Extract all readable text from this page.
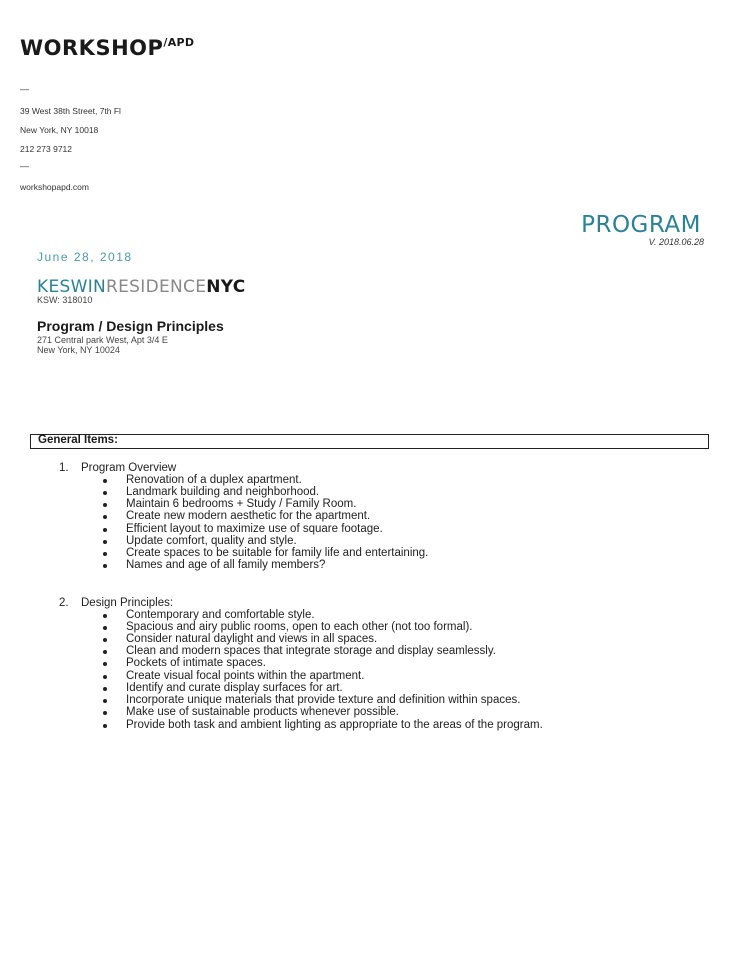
$WORKSHOP^{/APD}$
—
39 West 38th Street, 7th Fl
New York, NY 10018
212 273 9712
—
workshopapd.com
PROGRAM
V. 2018.06.28
June 28, 2018
KESWINRESIDENCENYC
KSW: 318010
Program / Design Principles
271 Central park West, Apt 3/4 E
New York, NY 10024
General Items:
1. Program Overview
Renovation of a duplex apartment.
Landmark building and neighborhood.
Maintain 6 bedrooms + Study / Family Room.
Create new modern aesthetic for the apartment.
Efficient layout to maximize use of square footage.
Update comfort, quality and style.
Create spaces to be suitable for family life and entertaining.
Names and age of all family members?
2. Design Principles:
Contemporary and comfortable style.
Spacious and airy public rooms, open to each other (not too formal).
Consider natural daylight and views in all spaces.
Clean and modern spaces that integrate storage and display seamlessly.
Pockets of intimate spaces.
Create visual focal points within the apartment.
Identify and curate display surfaces for art.
Incorporate unique materials that provide texture and definition within spaces.
Make use of sustainable products whenever possible.
Provide both task and ambient lighting as appropriate to the areas of the program.
